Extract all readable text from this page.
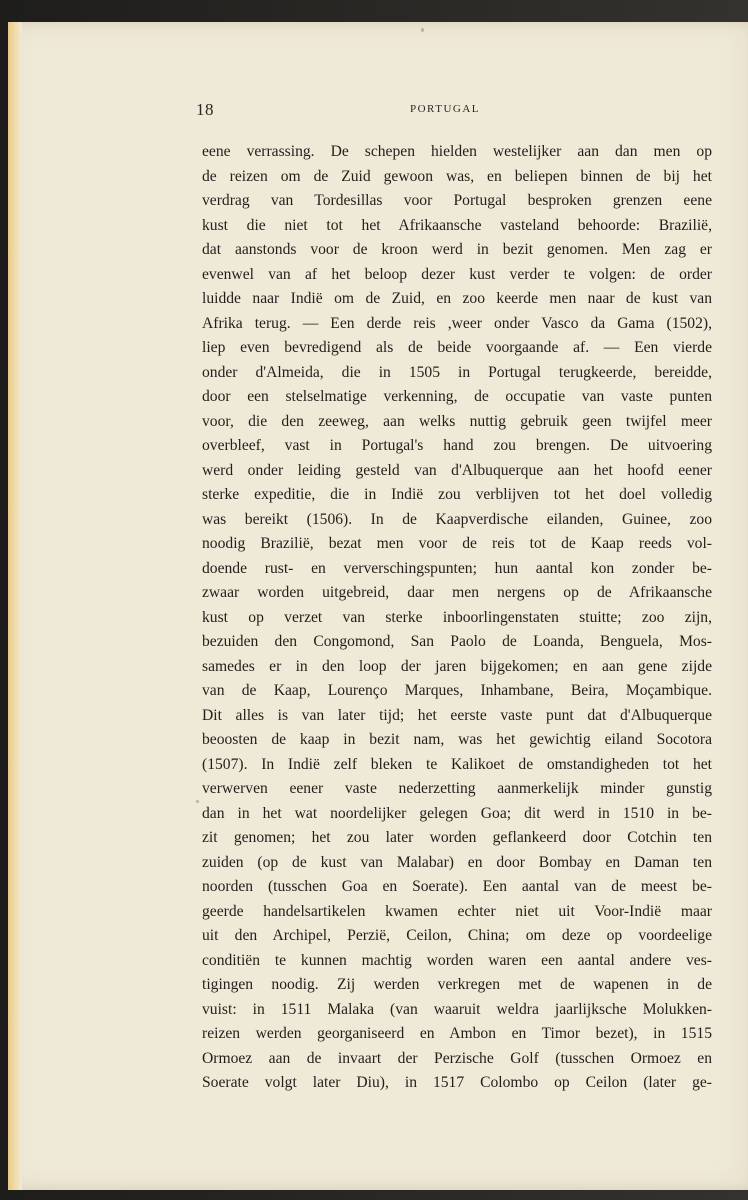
18	PORTUGAL
eene verrassing. De schepen hielden westelijker aan dan men op
de reizen om de Zuid gewoon was, en beliepen binnen de bij het
verdrag van Tordesillas voor Portugal besproken grenzen eene
kust die niet tot het Afrikaansche vasteland behoorde: Brazilië,
dat aanstonds voor de kroon werd in bezit genomen. Men zag er
evenwel van af het beloop dezer kust verder te volgen: de order
luidde naar Indië om de Zuid, en zoo keerde men naar de kust van
Afrika terug. — Een derde reis ,weer onder Vasco da Gama (1502),
liep even bevredigend als de beide voorgaande af. — Een vierde
onder d'Almeida, die in 1505 in Portugal terugkeerde, bereidde,
door een stelselmatige verkenning, de occupatie van vaste punten
voor, die den zeeweg, aan welks nuttig gebruik geen twijfel meer
overbleef, vast in Portugal's hand zou brengen. De uitvoering
werd onder leiding gesteld van d'Albuquerque aan het hoofd eener
sterke expeditie, die in Indië zou verblijven tot het doel volledig
was bereikt (1506). In de Kaapverdische eilanden, Guinee, zoo
noodig Brazilië, bezat men voor de reis tot de Kaap reeds vol-
doende rust- en ververschingspunten; hun aantal kon zonder be-
zwaar worden uitgebreid, daar men nergens op de Afrikaansche
kust op verzet van sterke inboorlingenstaten stuitte; zoo zijn,
bezuiden den Congomond, San Paolo de Loanda, Benguela, Mos-
samedes er in den loop der jaren bijgekomen; en aan gene zijde
van de Kaap, Lourenço Marques, Inhambane, Beira, Moçambique.
Dit alles is van later tijd; het eerste vaste punt dat d'Albuquerque
beoosten de kaap in bezit nam, was het gewichtig eiland Socotora
(1507). In Indië zelf bleken te Kalikoet de omstandigheden tot het
verwerven eener vaste nederzetting aanmerkelijk minder gunstig
dan in het wat noordelijker gelegen Goa; dit werd in 1510 in be-
zit genomen; het zou later worden geflankeerd door Cotchin ten
zuiden (op de kust van Malabar) en door Bombay en Daman ten
noorden (tusschen Goa en Soerate). Een aantal van de meest be-
geerde handelsartikelen kwamen echter niet uit Voor-Indië maar
uit den Archipel, Perzië, Ceilon, China; om deze op voordeelige
conditiën te kunnen machtig worden waren een aantal andere ves-
tigingen noodig. Zij werden verkregen met de wapenen in de
vuist: in 1511 Malaka (van waaruit weldra jaarlijksche Molukken-
reizen werden georganiseerd en Ambon en Timor bezet), in 1515
Ormoez aan de invaart der Perzische Golf (tusschen Ormoez en
Soerate volgt later Diu), in 1517 Colombo op Ceilon (later ge-
